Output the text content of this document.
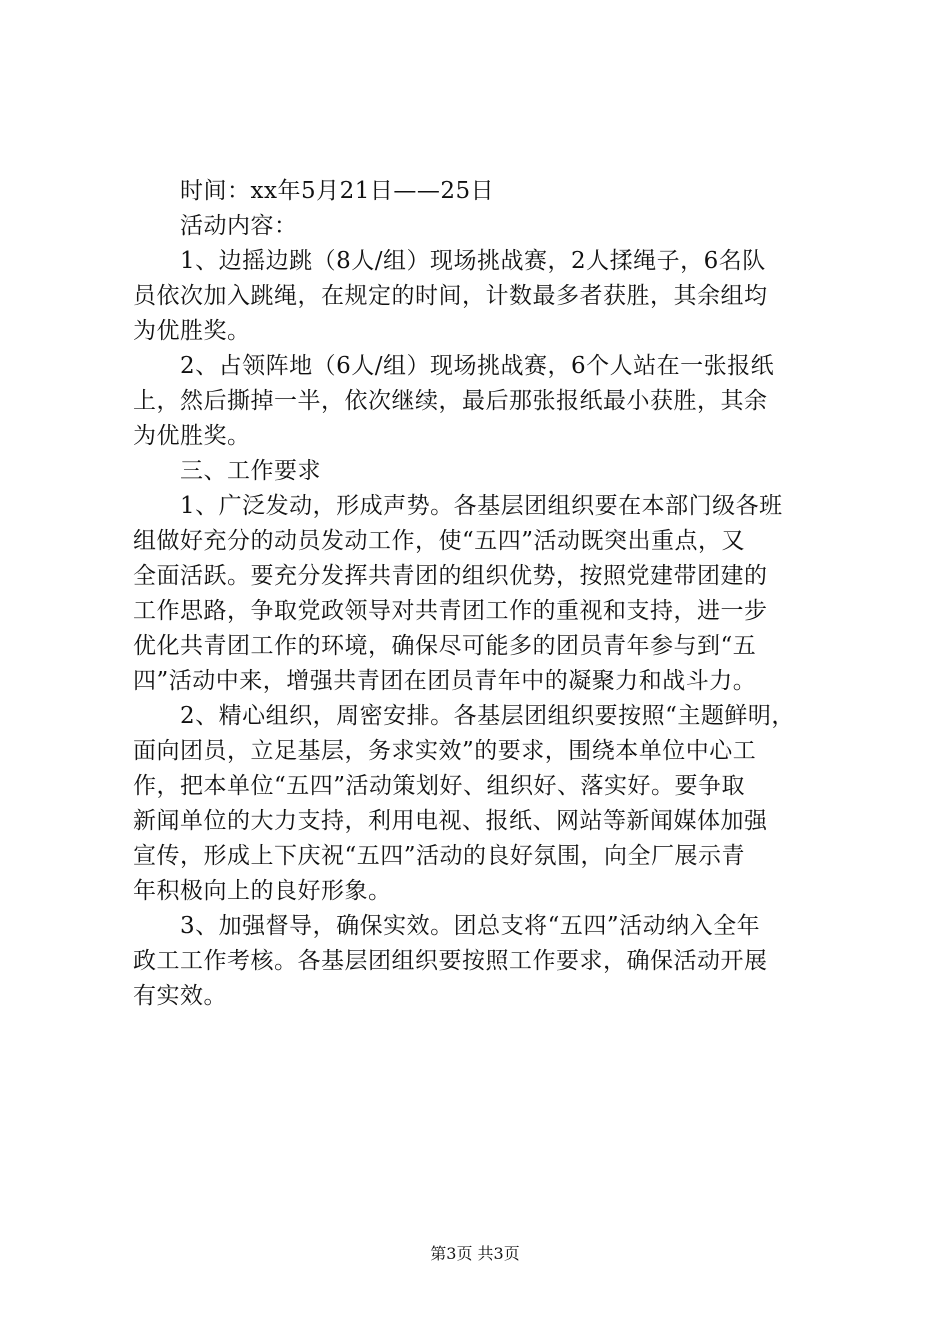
　　时间：xx年5月21日——25日
　　活动内容：
　　1、边摇边跳（8人/组）现场挑战赛，2人揉绳子，6名队
员依次加入跳绳，在规定的时间，计数最多者获胜，其余组均
为优胜奖。
　　2、占领阵地（6人/组）现场挑战赛，6个人站在一张报纸
上，然后撕掉一半，依次继续，最后那张报纸最小获胜，其余
为优胜奖。
　　三、工作要求
　　1、广泛发动，形成声势。各基层团组织要在本部门级各班
组做好充分的动员发动工作，使“五四”活动既突出重点，又
全面活跃。要充分发挥共青团的组织优势，按照党建带团建的
工作思路，争取党政领导对共青团工作的重视和支持，进一步
优化共青团工作的环境，确保尽可能多的团员青年参与到“五
四”活动中来，增强共青团在团员青年中的凝聚力和战斗力。
　　2、精心组织，周密安排。各基层团组织要按照“主题鲜明，
面向团员，立足基层，务求实效”的要求，围绕本单位中心工
作，把本单位“五四”活动策划好、组织好、落实好。要争取
新闻单位的大力支持，利用电视、报纸、网站等新闻媒体加强
宣传，形成上下庆祝“五四”活动的良好氛围，向全厂展示青
年积极向上的良好形象。
　　3、加强督导，确保实效。团总支将“五四”活动纳入全年
政工工作考核。各基层团组织要按照工作要求，确保活动开展
有实效。
第3页 共3页
